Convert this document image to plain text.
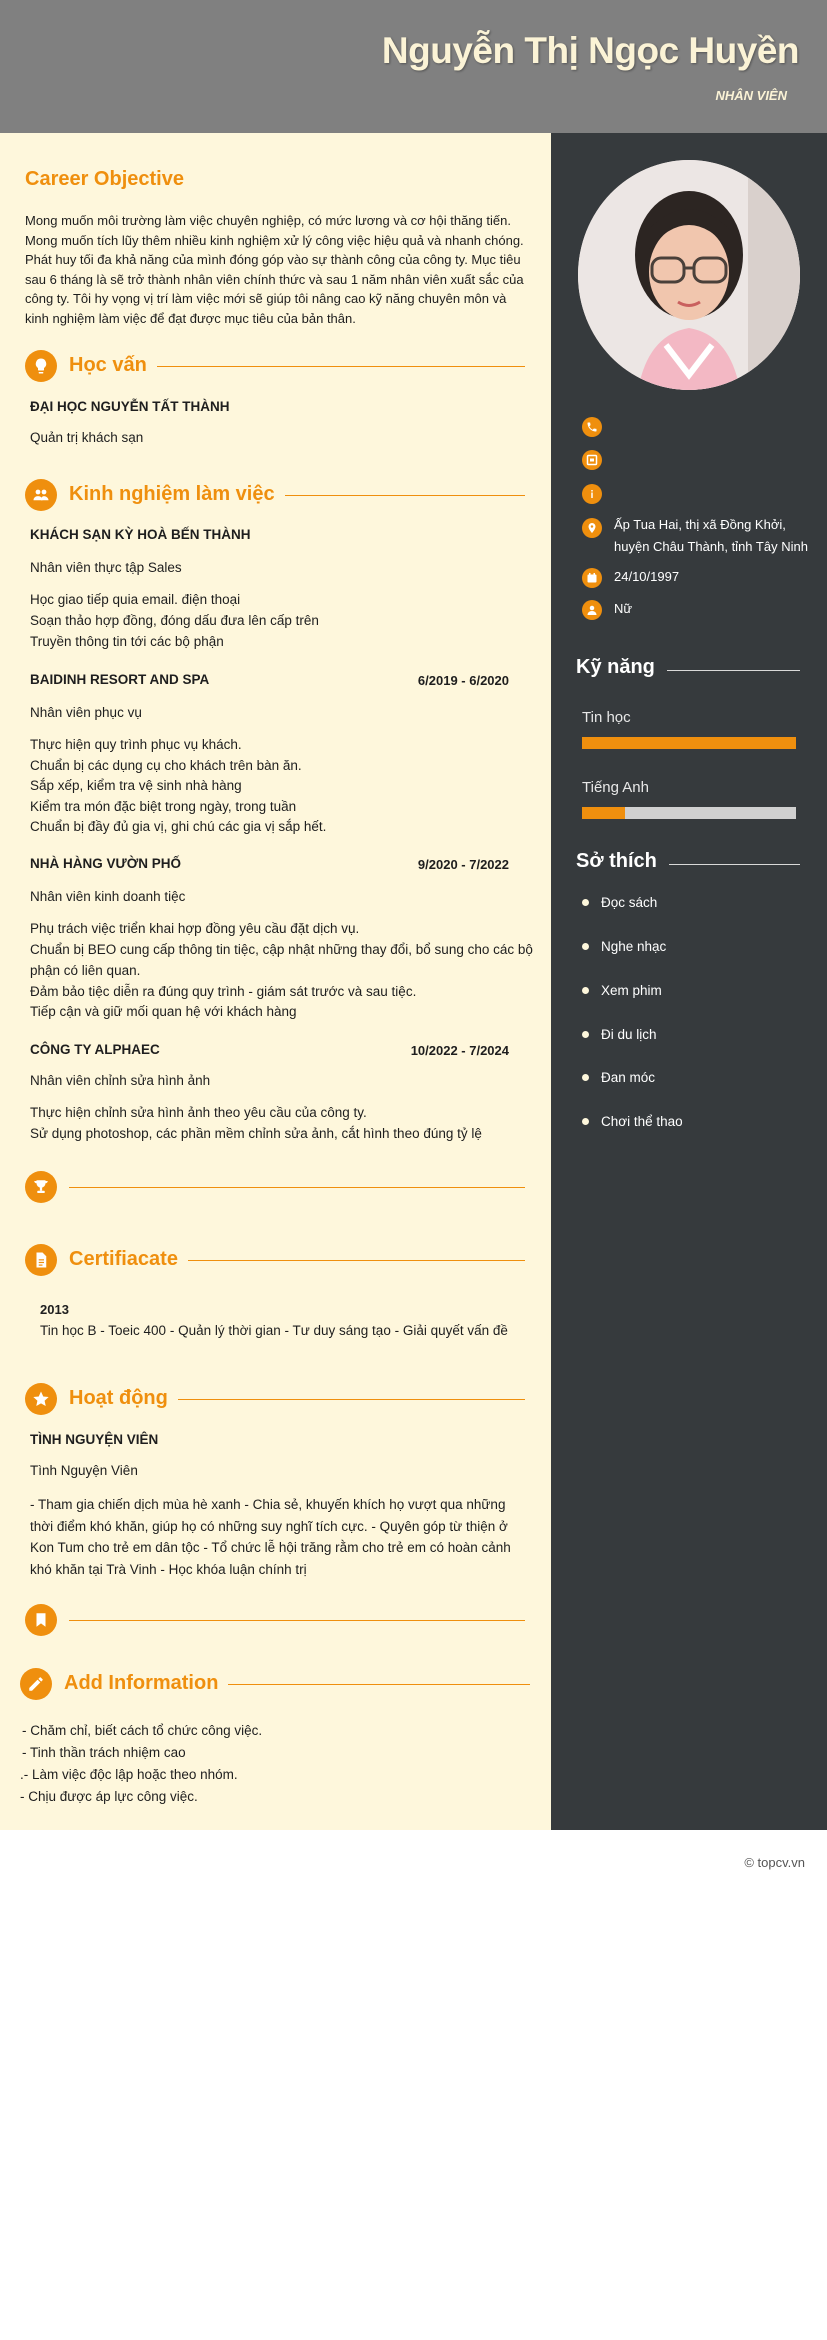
Nguyễn Thị Ngọc Huyền
NHÂN VIÊN
Career Objective
Mong muốn môi trường làm việc chuyên nghiệp, có mức lương và cơ hội thăng tiến. Mong muốn tích lũy thêm nhiều kinh nghiệm xử lý công việc hiệu quả và nhanh chóng. Phát huy tối đa khả năng của mình đóng góp vào sự thành công của công ty. Mục tiêu sau 6 tháng là sẽ trở thành nhân viên chính thức và sau 1 năm nhân viên xuất sắc của công ty. Tôi hy vọng vị trí làm việc mới sẽ giúp tôi nâng cao kỹ năng chuyên môn và kinh nghiệm làm việc để đạt được mục tiêu của bản thân.
Học vấn
ĐẠI HỌC NGUYỄN TẤT THÀNH
Quản trị khách sạn
Kinh nghiệm làm việc
KHÁCH SẠN KỲ HOÀ BẾN THÀNH
Nhân viên thực tập Sales
Học giao tiếp quia email. điện thoại
Soạn thảo hợp đồng, đóng dấu đưa lên cấp trên
Truyền thông tin tới các bộ phận
BAIDINH RESORT AND SPA	6/2019 - 6/2020
Nhân viên phục vụ
Thực hiện quy trình phục vụ khách.
Chuẩn bị các dụng cụ cho khách trên bàn ăn.
Sắp xếp, kiểm tra vệ sinh nhà hàng
Kiểm tra món đặc biệt trong ngày, trong tuần
Chuẩn bị đầy đủ gia vị, ghi chú các gia vị sắp hết.
NHÀ HÀNG VƯỜN PHỐ	9/2020 - 7/2022
Nhân viên kinh doanh tiệc
Phụ trách việc triển khai hợp đồng yêu cầu đặt dịch vụ.
Chuẩn bị BEO cung cấp thông tin tiệc, cập nhật những thay đổi, bổ sung cho các bộ
phận có liên quan.
Đảm bảo tiệc diễn ra đúng quy trình - giám sát trước và sau tiệc.
Tiếp cận và giữ mối quan hệ với khách hàng
CÔNG TY ALPHAEC	10/2022 - 7/2024
Nhân viên chỉnh sửa hình ảnh
Thực hiện chỉnh sửa hình ảnh theo yêu cầu của công ty.
Sử dụng photoshop, các phần mềm chỉnh sửa ảnh, cắt hình theo đúng tỷ lệ
Certifiacate
2013
Tin học B - Toeic 400 - Quản lý thời gian - Tư duy sáng tạo - Giải quyết vấn đề
Hoạt động
TÌNH NGUYỆN VIÊN
Tình Nguyện Viên
- Tham gia chiến dịch mùa hè xanh - Chia sẻ, khuyến khích họ vượt qua những thời điểm khó khăn, giúp họ có những suy nghĩ tích cực. - Quyên góp từ thiện ở Kon Tum cho trẻ em dân tộc - Tổ chức lễ hội trăng rằm cho trẻ em có hoàn cảnh khó khăn tại Trà Vinh - Học khóa luận chính trị
Add Information
- Chăm chỉ, biết cách tổ chức công việc.
- Tinh thần trách nhiệm cao
.- Làm việc độc lập hoặc theo nhóm.
- Chịu được áp lực công việc.
Ấp Tua Hai, thị xã Đồng Khởi,
huyện Châu Thành, tỉnh Tây Ninh
24/10/1997
Nữ
Kỹ năng
Tin học
Tiếng Anh
Sở thích
Đọc sách
Nghe nhạc
Xem phim
Đi du lịch
Đan móc
Chơi thể thao
© topcv.vn
